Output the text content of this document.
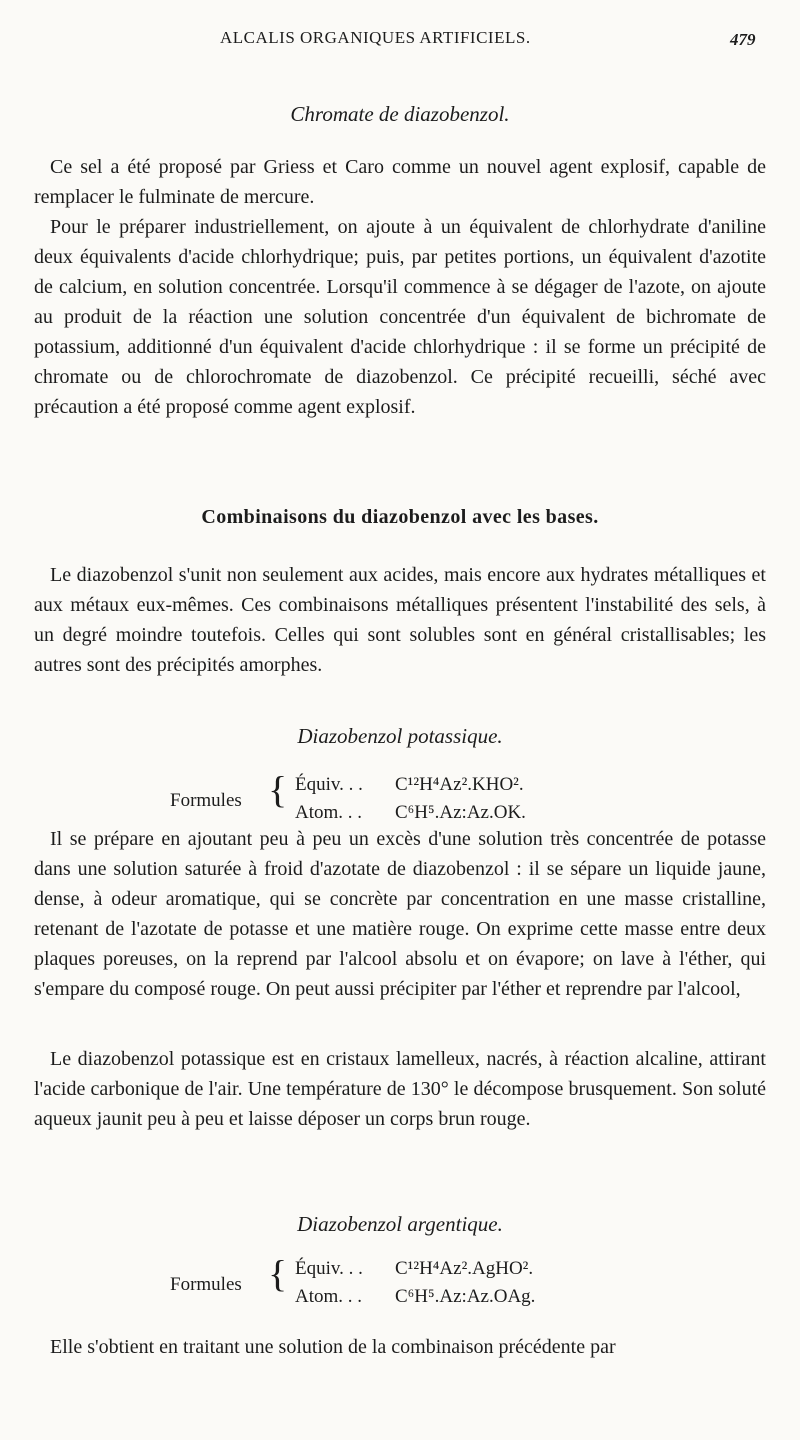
ALCALIS ORGANIQUES ARTIFICIELS.	479
Chromate de diazobenzol.

Ce sel a été proposé par Griess et Caro comme un nouvel agent explosif, capable de remplacer le fulminate de mercure.

Pour le préparer industriellement, on ajoute à un équivalent de chlorhydrate d'aniline deux équivalents d'acide chlorhydrique; puis, par petites portions, un équivalent d'azotite de calcium, en solution concentrée. Lorsqu'il commence à se dégager de l'azote, on ajoute au produit de la réaction une solution concentrée d'un équivalent de bichromate de potassium, additionné d'un équivalent d'acide chlorhydrique : il se forme un précipité de chromate ou de chlorochromate de diazobenzol. Ce précipité recueilli, séché avec précaution a été proposé comme agent explosif.

Combinaisons du diazobenzol avec les bases.

Le diazobenzol s'unit non seulement aux acides, mais encore aux hydrates métalliques et aux métaux eux-mêmes. Ces combinaisons métalliques présentent l'instabilité des sels, à un degré moindre toutefois. Celles qui sont solubles sont en général cristallisables; les autres sont des précipités amorphes.

Diazobenzol potassique.
Formules { Équiv. . . C¹²H⁴Az².KHO².
Atom. . . C⁶H⁵.Az:Az.OK.

Il se prépare en ajoutant peu à peu un excès d'une solution très concentrée de potasse dans une solution saturée à froid d'azotate de diazobenzol : il se sépare un liquide jaune, dense, à odeur aromatique, qui se concrète par concentration en une masse cristalline, retenant de l'azotate de potasse et une matière rouge. On exprime cette masse entre deux plaques poreuses, on la reprend par l'alcool absolu et on évapore; on lave à l'éther, qui s'empare du composé rouge. On peut aussi précipiter par l'éther et reprendre par l'alcool,

Le diazobenzol potassique est en cristaux lamelleux, nacrés, à réaction alcaline, attirant l'acide carbonique de l'air. Une température de 130° le décompose brusquement. Son soluté aqueux jaunit peu à peu et laisse déposer un corps brun rouge.

Diazobenzol argentique.
Formules { Équiv. . . C¹²H⁴Az².AgHO².
Atom. . . C⁶H⁵.Az:Az.OAg.

Elle s'obtient en traitant une solution de la combinaison précédente par
